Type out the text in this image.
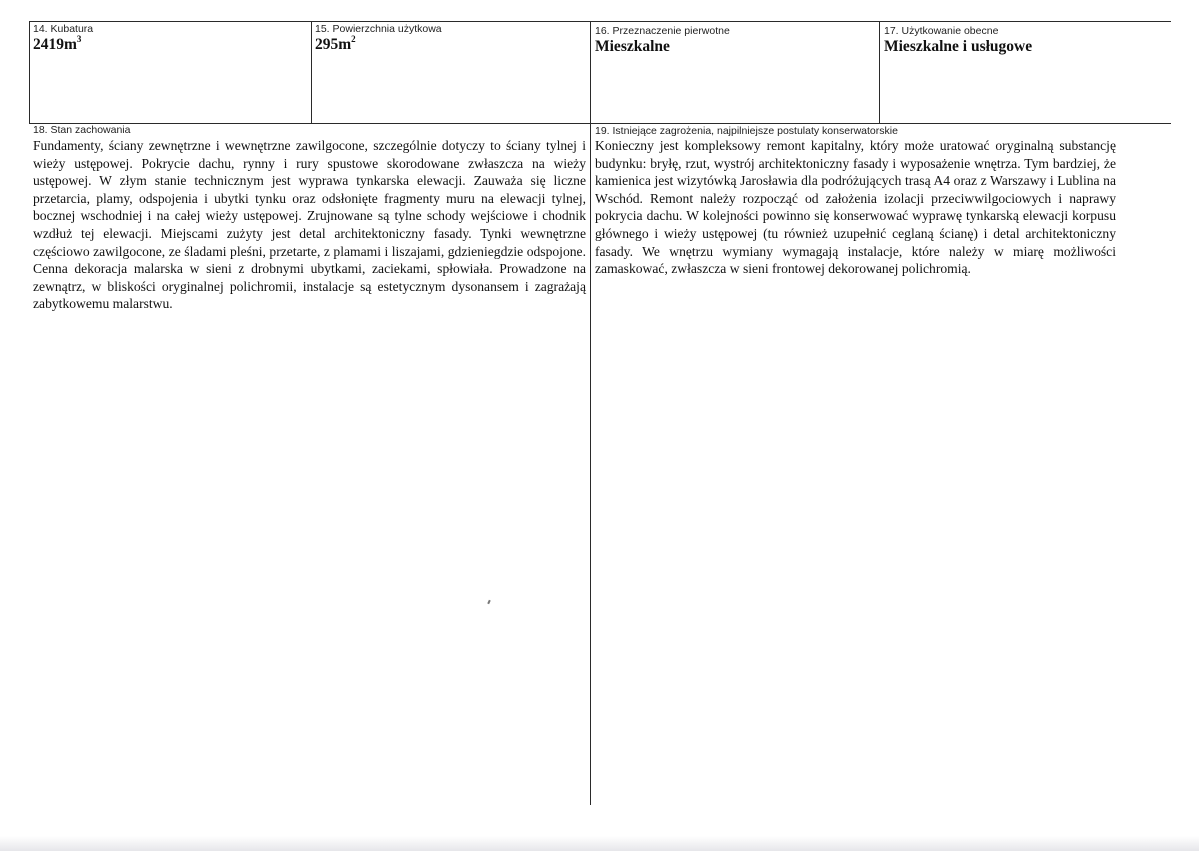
14. Kubatura
$2419m^3$
15. Powierzchnia użytkowa
$295m^2$
16. Przeznaczenie pierwotne
Mieszkalne
17. Użytkowanie obecne
Mieszkalne i usługowe
18. Stan zachowania
Fundamenty, ściany zewnętrzne i wewnętrzne zawilgocone, szczególnie dotyczy to ściany tylnej i wieży ustępowej. Pokrycie dachu, rynny i rury spustowe skorodowane zwłaszcza na wieży ustępowej. W złym stanie technicznym jest wyprawa tynkarska elewacji. Zauważa się liczne przetarcia, plamy, odspojenia i ubytki tynku oraz odsłonięte fragmenty muru na elewacji tylnej, bocznej wschodniej i na całej wieży ustępowej. Zrujnowane są tylne schody wejściowe i chodnik wzdłuż tej elewacji. Miejscami zużyty jest detal architektoniczny fasady. Tynki wewnętrzne częściowo zawilgocone, ze śladami pleśni, przetarte, z plamami i liszajami, gdzieniegdzie odspojone. Cenna dekoracja malarska w sieni z drobnymi ubytkami, zaciekami, spłowiała. Prowadzone na zewnątrz, w bliskości oryginalnej polichromii, instalacje są estetycznym dysonansem i zagrażają zabytkowemu malarstwu.
19. Istniejące zagrożenia, najpilniejsze postulaty konserwatorskie
Konieczny jest kompleksowy remont kapitalny, który może uratować oryginalną substancję budynku: bryłę, rzut, wystrój architektoniczny fasady i wyposażenie wnętrza. Tym bardziej, że kamienica jest wizytówką Jarosławia dla podróżujących trasą A4 oraz z Warszawy i Lublina na Wschód. Remont należy rozpocząć od założenia izolacji przeciwwilgociowych i naprawy pokrycia dachu. W kolejności powinno się konserwować wyprawę tynkarską elewacji korpusu głównego i wieży ustępowej (tu również uzupełnić ceglaną ścianę) i detal architektoniczny fasady. We wnętrzu wymiany wymagają instalacje, które należy w miarę możliwości zamaskować, zwłaszcza w sieni frontowej dekorowanej polichromią.
